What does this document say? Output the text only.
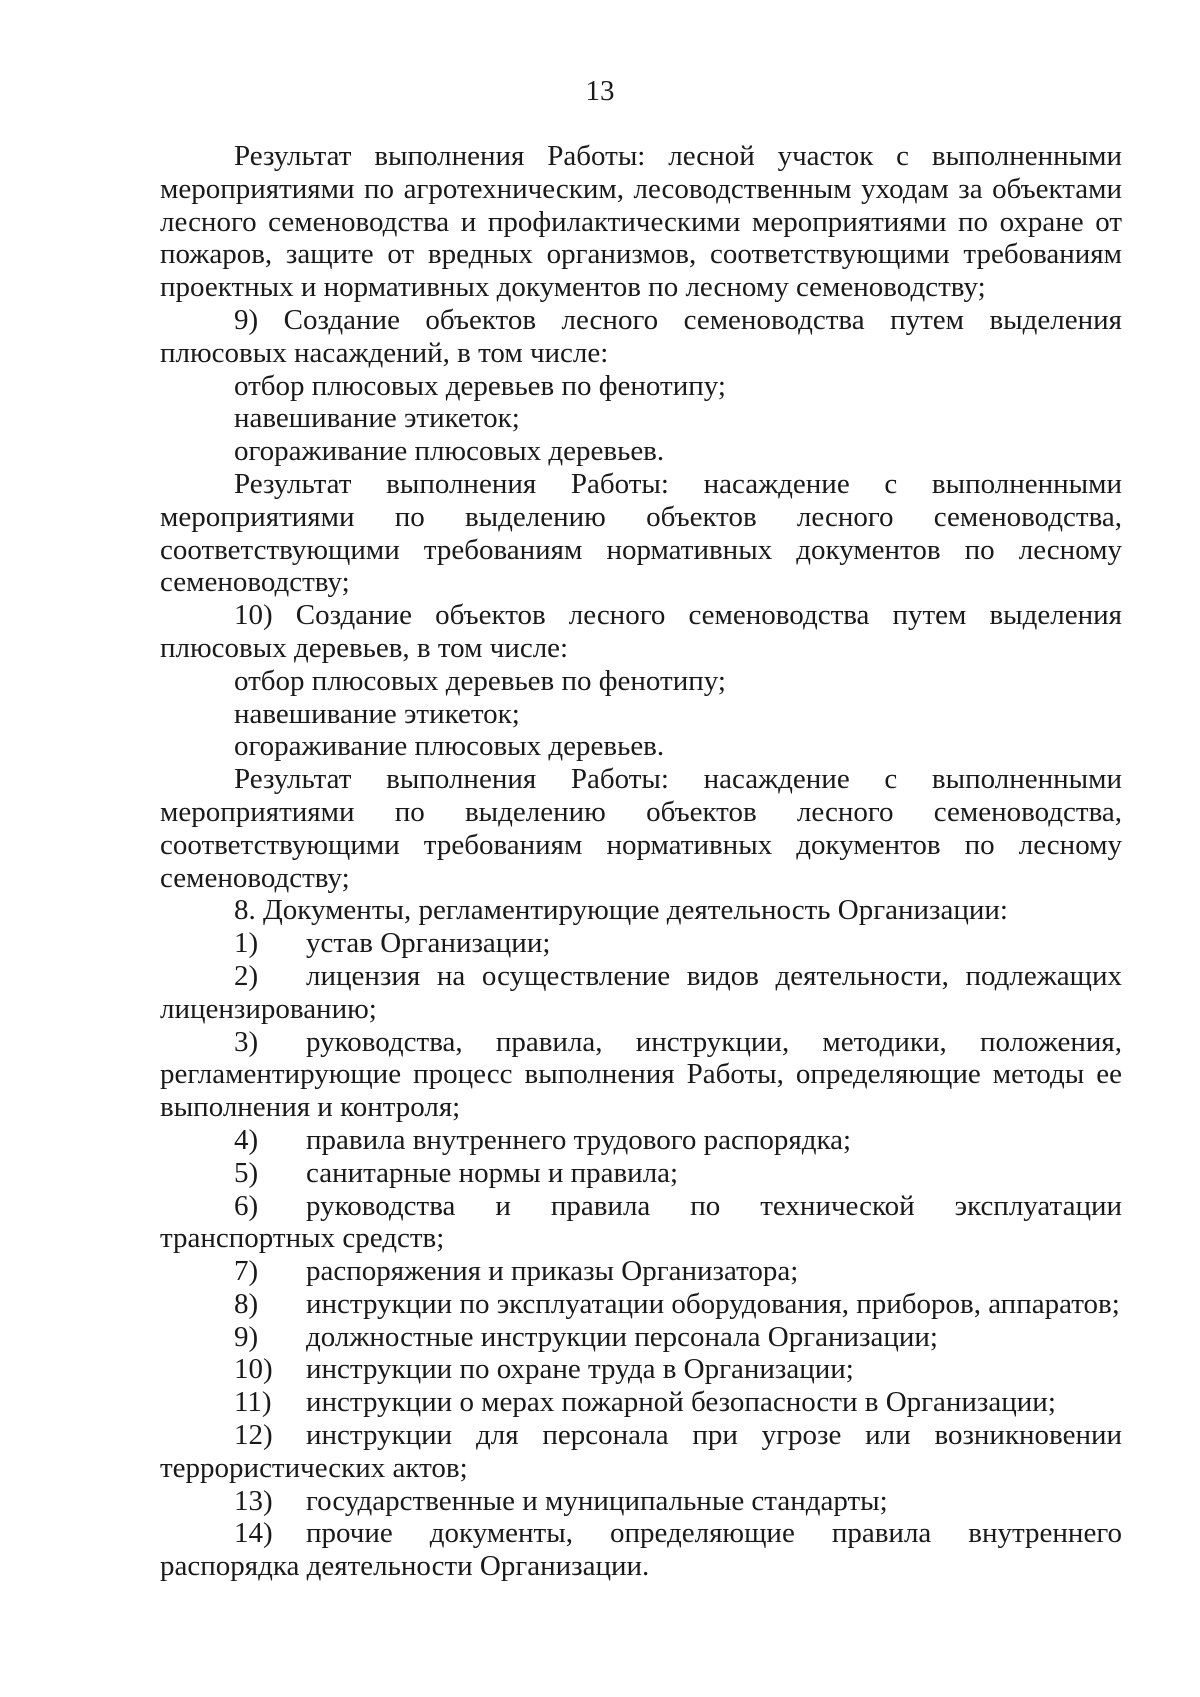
13

Результат выполнения Работы: лесной участок с выполненными мероприятиями по агротехническим, лесоводственным уходам за объектами лесного семеноводства и профилактическими мероприятиями по охране от пожаров, защите от вредных организмов, соответствующими требованиям проектных и нормативных документов по лесному семеноводству;

9) Создание объектов лесного семеноводства путем выделения плюсовых насаждений, в том числе:

отбор плюсовых деревьев по фенотипу;

навешивание этикеток;

огораживание плюсовых деревьев.

Результат выполнения Работы: насаждение с выполненными мероприятиями по выделению объектов лесного семеноводства, соответствующими требованиям нормативных документов по лесному семеноводству;

10) Создание объектов лесного семеноводства путем выделения плюсовых деревьев, в том числе:

отбор плюсовых деревьев по фенотипу;

навешивание этикеток;

огораживание плюсовых деревьев.

Результат выполнения Работы: насаждение с выполненными мероприятиями по выделению объектов лесного семеноводства, соответствующими требованиям нормативных документов по лесному семеноводству;

8. Документы, регламентирующие деятельность Организации:

1) устав Организации;

2) лицензия на осуществление видов деятельности, подлежащих лицензированию;

3) руководства, правила, инструкции, методики, положения, регламентирующие процесс выполнения Работы, определяющие методы ее выполнения и контроля;

4) правила внутреннего трудового распорядка;

5) санитарные нормы и правила;

6) руководства и правила по технической эксплуатации транспортных средств;

7) распоряжения и приказы Организатора;

8) инструкции по эксплуатации оборудования, приборов, аппаратов;

9) должностные инструкции персонала Организации;

10) инструкции по охране труда в Организации;

11) инструкции о мерах пожарной безопасности в Организации;

12) инструкции для персонала при угрозе или возникновении террористических актов;

13) государственные и муниципальные стандарты;

14) прочие документы, определяющие правила внутреннего распорядка деятельности Организации.
